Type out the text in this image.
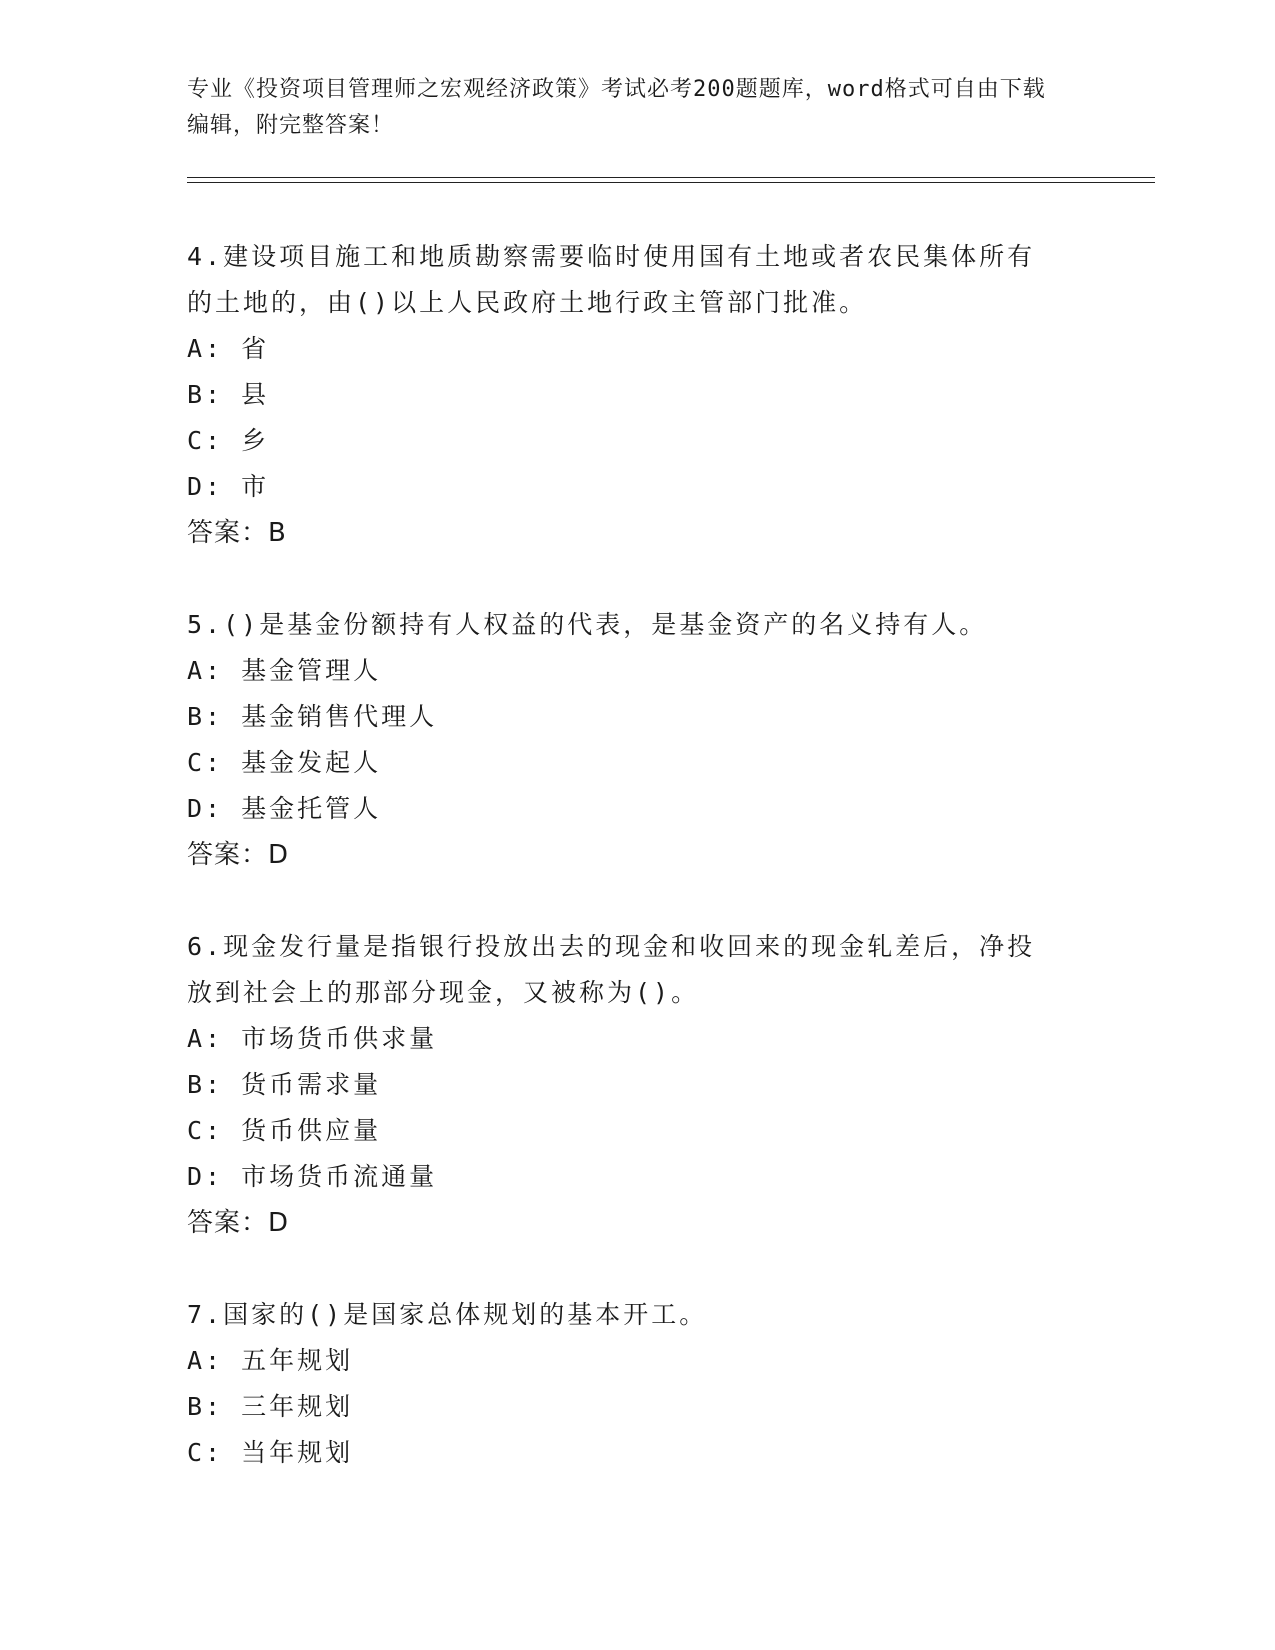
专业《投资项目管理师之宏观经济政策》考试必考200题题库，word格式可自由下载编辑，附完整答案！
4.建设项目施工和地质勘察需要临时使用国有土地或者农民集体所有
的土地的，由()以上人民政府土地行政主管部门批准。
A: 省
B: 县
C: 乡
D: 市
答案：B
5.()是基金份额持有人权益的代表，是基金资产的名义持有人。
A: 基金管理人
B: 基金销售代理人
C: 基金发起人
D: 基金托管人
答案：D
6.现金发行量是指银行投放出去的现金和收回来的现金轧差后，净投
放到社会上的那部分现金，又被称为()。
A: 市场货币供求量
B: 货币需求量
C: 货币供应量
D: 市场货币流通量
答案：D
7.国家的()是国家总体规划的基本开工。
A: 五年规划
B: 三年规划
C: 当年规划
